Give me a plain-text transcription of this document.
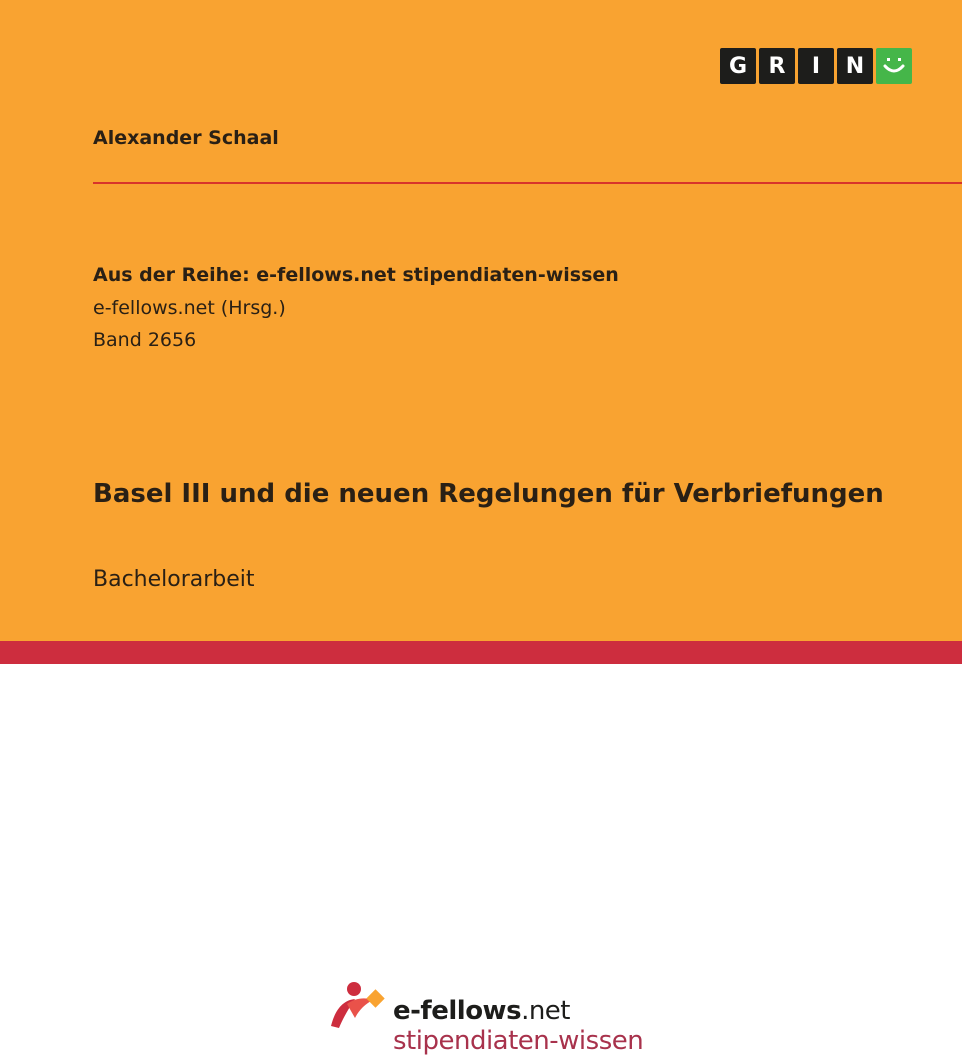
G R	I	N
Alexander Schaal
Aus der Reihe: e-fellows.net stipendiaten-wissen
e-fellows.net (Hrsg.)
Band 2656
Basel III und die neuen Regelungen für Verbriefungen
Bachelorarbeit
e-fellows.net
stipendiaten-wissen
